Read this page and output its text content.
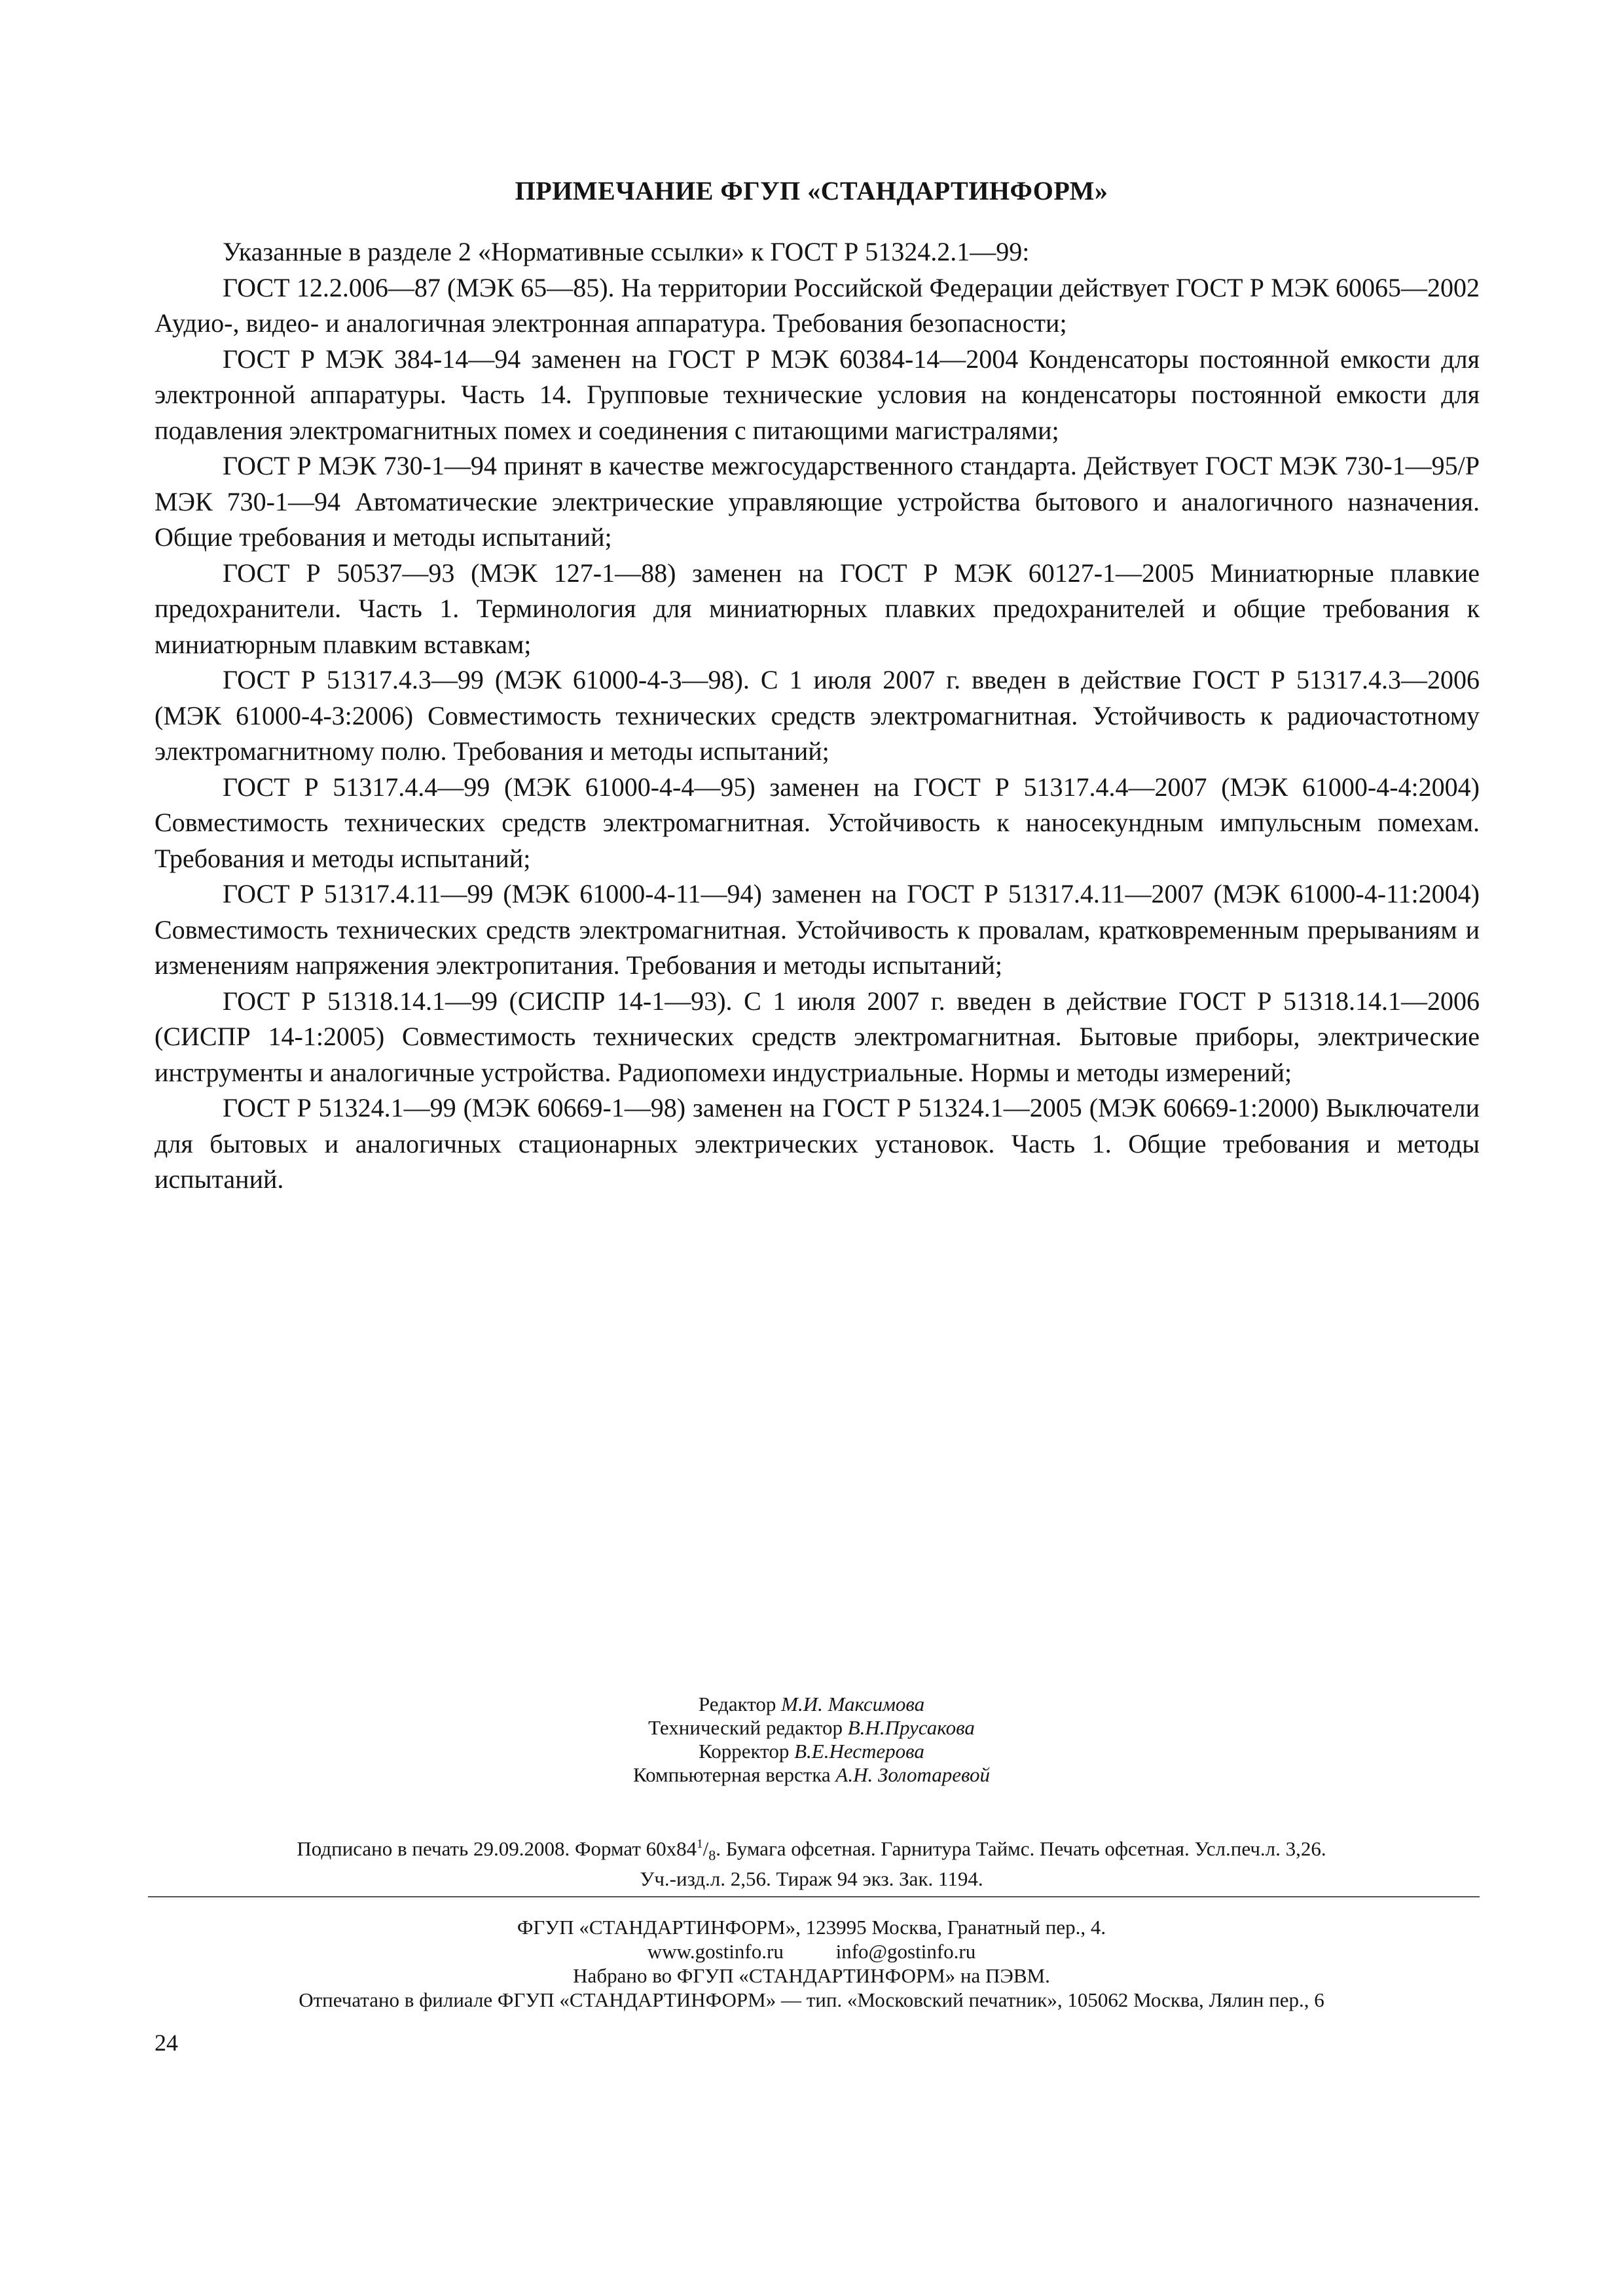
ПРИМЕЧАНИЕ ФГУП «СТАНДАРТИНФОРМ»

Указанные в разделе 2 «Нормативные ссылки» к ГОСТ Р 51324.2.1—99:

ГОСТ 12.2.006—87 (МЭК 65—85). На территории Российской Федерации действует ГОСТ Р МЭК 60065—2002 Аудио-, видео- и аналогичная электронная аппаратура. Требования безопасности;

ГОСТ Р МЭК 384-14—94 заменен на ГОСТ Р МЭК 60384-14—2004 Конденсаторы постоянной емкости для электронной аппаратуры. Часть 14. Групповые технические условия на конденсаторы постоянной емкости для подавления электромагнитных помех и соединения с питающими магистралями;

ГОСТ Р МЭК 730-1—94 принят в качестве межгосударственного стандарта. Действует ГОСТ МЭК 730-1—95/Р МЭК 730-1—94 Автоматические электрические управляющие устройства бытового и аналогичного назначения. Общие требования и методы испытаний;

ГОСТ Р 50537—93 (МЭК 127-1—88) заменен на ГОСТ Р МЭК 60127-1—2005 Миниатюрные плавкие предохранители. Часть 1. Терминология для миниатюрных плавких предохранителей и общие требования к миниатюрным плавким вставкам;

ГОСТ Р 51317.4.3—99 (МЭК 61000-4-3—98). С 1 июля 2007 г. введен в действие ГОСТ Р 51317.4.3—2006 (МЭК 61000-4-3:2006) Совместимость технических средств электромагнитная. Устойчивость к радиочастотному электромагнитному полю. Требования и методы испытаний;

ГОСТ Р 51317.4.4—99 (МЭК 61000-4-4—95) заменен на ГОСТ Р 51317.4.4—2007 (МЭК 61000-4-4:2004) Совместимость технических средств электромагнитная. Устойчивость к наносекундным импульсным помехам. Требования и методы испытаний;

ГОСТ Р 51317.4.11—99 (МЭК 61000-4-11—94) заменен на ГОСТ Р 51317.4.11—2007 (МЭК 61000-4-11:2004) Совместимость технических средств электромагнитная. Устойчивость к провалам, кратковременным прерываниям и изменениям напряжения электропитания. Требования и методы испытаний;

ГОСТ Р 51318.14.1—99 (СИСПР 14-1—93). С 1 июля 2007 г. введен в действие ГОСТ Р 51318.14.1—2006 (СИСПР 14-1:2005) Совместимость технических средств электромагнитная. Бытовые приборы, электрические инструменты и аналогичные устройства. Радиопомехи индустриальные. Нормы и методы измерений;

ГОСТ Р 51324.1—99 (МЭК 60669-1—98) заменен на ГОСТ Р 51324.1—2005 (МЭК 60669-1:2000) Выключатели для бытовых и аналогичных стационарных электрических установок. Часть 1. Общие требования и методы испытаний.

Редактор М.И. Максимова

Технический редактор В.Н.Прусакова

Корректор В.Е.Нестерова

Компьютерная верстка А.Н. Золотаревой

Подписано в печать 29.09.2008. Формат $60x84^1/_8$. Бумага офсетная. Гарнитура Таймс. Печать офсетная. Усл.печ.л. 3,26.

Уч.-изд.л. 2,56. Тираж 94 экз. Зак. 1194.

ФГУП «СТАНДАРТИНФОРМ», 123995 Москва, Гранатный пер., 4.

www.gostinfo.ru	info@gostinfo.ru

Набрано во ФГУП «СТАНДАРТИНФОРМ» на ПЭВМ.

Отпечатано в филиале ФГУП «СТАНДАРТИНФОРМ» — тип. «Московский печатник», 105062 Москва, Лялин пер., 6

24
